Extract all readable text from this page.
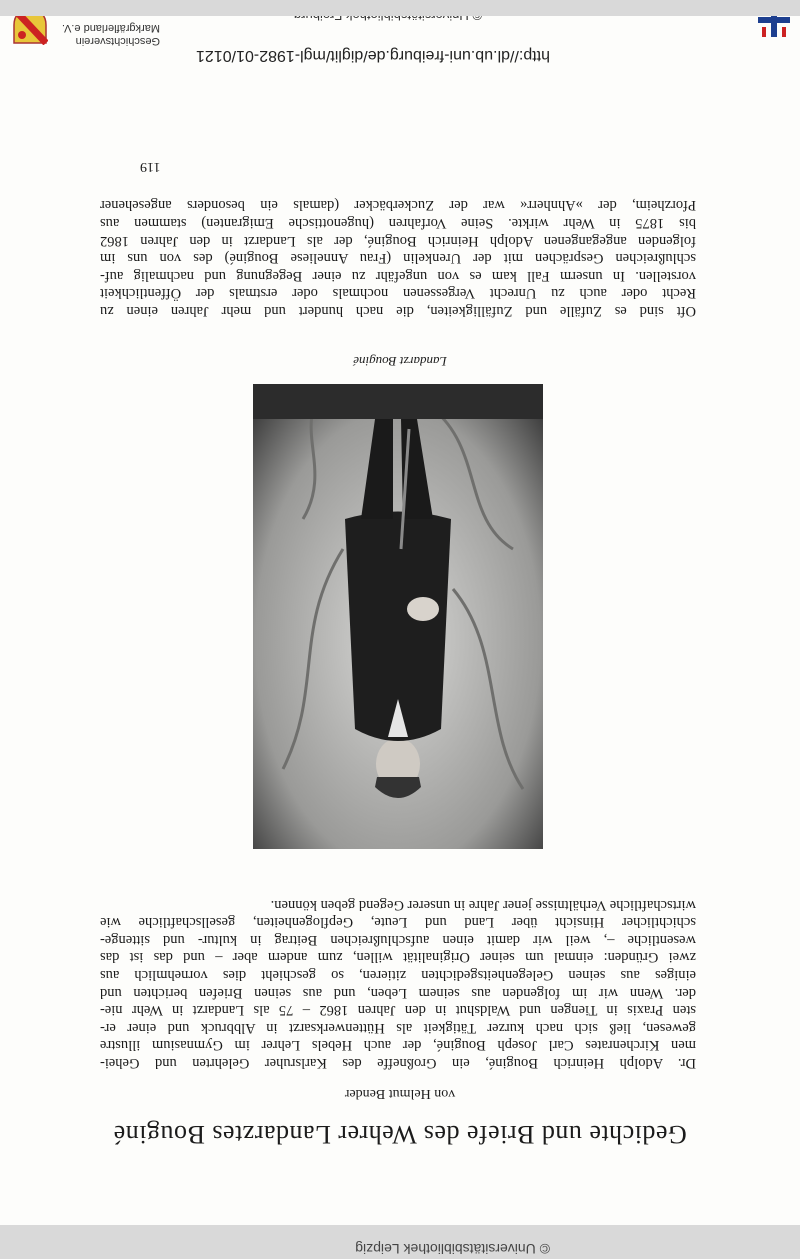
© Universitätsbibliothek Leipzig
Gedichte und Briefe des Wehrer Landarztes Bouginé
von Helmut Bender

Dr. Adolph Heinrich Bouginé, ein Großneffe des Karlsruher Gelehrten und Gehei-
men Kirchenrates Carl Joseph Bouginé, der auch Hebels Lehrer im Gymnasium illustre
gewesen, ließ sich nach kurzer Tätigkeit als Hüttenwerksarzt in Albbruck und einer er-
sten Praxis in Tiengen und Waldshut in den Jahren 1862 – 75 als Landarzt in Wehr nie-
der. Wenn wir im folgenden aus seinem Leben, und aus seinen Briefen berichten und
einiges aus seinen Gelegenheitsgedichten zitieren, so geschieht dies vornehmlich aus
zwei Gründen: einmal um seiner Originalität willen, zum andern aber – und das ist das
wesentliche –, weil wir damit einen aufschlußreichen Beitrag in kultur- und sittenge-
schichtlicher Hinsicht über Land und Leute, Gepflogenheiten, gesellschaftliche wie
wirtschaftliche Verhältnisse jener Jahre in unserer Gegend geben können.

Landarzt Bouginé

Oft sind es Zufälle und Zufälligkeiten, die nach hundert und mehr Jahren einen zu
Recht oder auch zu Unrecht Vergessenen nochmals oder erstmals der Öffentlichkeit
vorstellen. In unserm Fall kam es von ungefähr zu einer Begegnung und nachmalig auf-
schlußreichen Gesprächen mit der Urenkelin (Frau Anneliese Bouginé) des von uns im
folgenden angegangenen Adolph Heinrich Bouginé, der als Landarzt in den Jahren 1862
bis 1875 in Wehr wirkte. Seine Vorfahren (hugenottische Emigranten) stammen aus
Pforzheim, der »Ahnherr« war der Zuckerbäcker (damals ein besonders angesehener

119
http://dl.ub.uni-freiburg.de/diglit/mgl-1982-01/0121
Geschichtsverein
Markgräflerland e.V.
